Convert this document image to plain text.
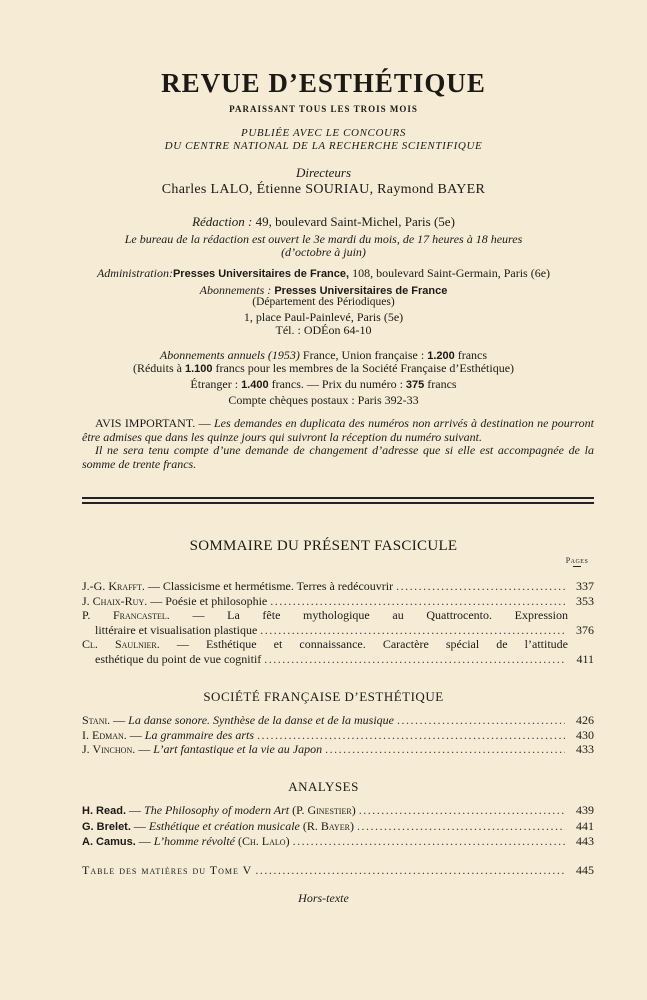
REVUE D’ESTHÉTIQUE
PARAISSANT TOUS LES TROIS MOIS
PUBLIÉE AVEC LE CONCOURS
DU CENTRE NATIONAL DE LA RECHERCHE SCIENTIFIQUE
Directeurs
Charles LALO, Étienne SOURIAU, Raymond BAYER
Rédaction : 49, boulevard Saint-Michel, Paris (5e)
Le bureau de la rédaction est ouvert le 3e mardi du mois, de 17 heures à 18 heures
(d’octobre à juin)
Administration:Presses Universitaires de France, 108, boulevard Saint-Germain, Paris (6e)
Abonnements : Presses Universitaires de France
(Département des Périodiques)
1, place Paul-Painlevé, Paris (5e)
Tél. : ODÉon 64-10
Abonnements annuels (1953) France, Union française : 1.200 francs
(Réduits à 1.100 francs pour les membres de la Société Française d’Esthétique)
Étranger : 1.400 francs. — Prix du numéro : 375 francs
Compte chèques postaux : Paris 392-33

AVIS IMPORTANT. — Les demandes en duplicata des numéros non arrivés à destination ne pourront être admises que dans les quinze jours qui suivront la réception du numéro suivant.

Il ne sera tenu compte d’une demande de changement d’adresse que si elle est accompagnée de la somme de trente francs.

SOMMAIRE DU PRÉSENT FASCICULE
Pages
J.-G. Krafft. — Classicisme et hermétisme. Terres à redécouvrir .....	337
J. Chaix-Ruy. — Poésie et philosophie .....	353
P. Francastel. — La fête mythologique au Quattrocento. Expression
littéraire et visualisation plastique .....	376
Cl. Saulnier. — Esthétique et connaissance. Caractère spécial de l’attitude
esthétique du point de vue cognitif .....	411
SOCIÉTÉ FRANÇAISE D’ESTHÉTIQUE
Stani. — La danse sonore. Synthèse de la danse et de la musique .....	426
I. Edman. — La grammaire des arts .....	430
J. Vinchon. — L’art fantastique et la vie au Japon .....	433
ANALYSES
H. Read. — The Philosophy of modern Art (P. Ginestier) .....	439
G. Brelet. — Esthétique et création musicale (R. Bayer) .....	441
A. Camus. — L’homme révolté (Ch. Lalo) .....	443
Table des matières du Tome V .....	445
Hors-texte
